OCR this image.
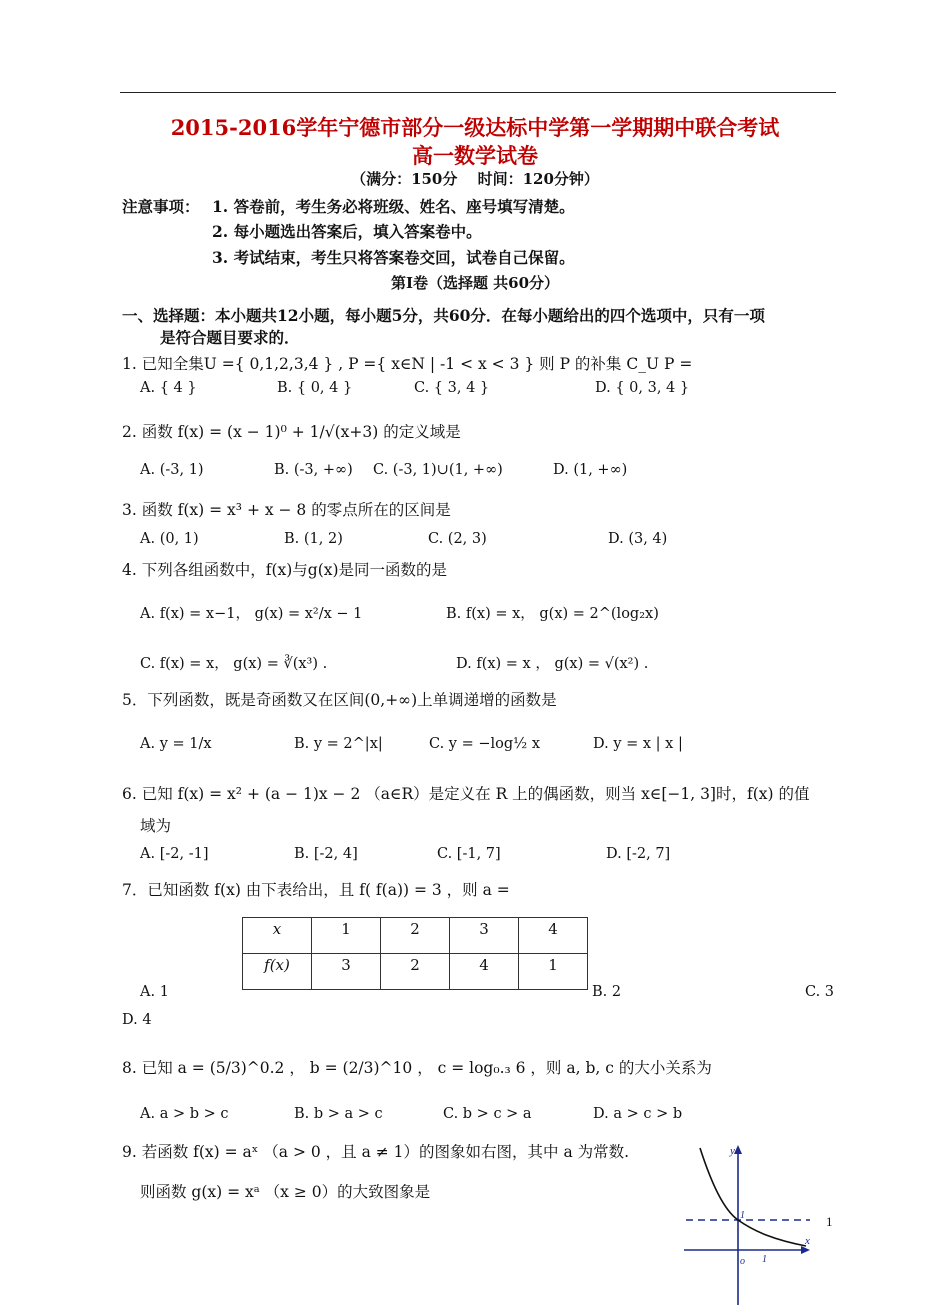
2015-2016学年宁德市部分一级达标中学第一学期期中联合考试
高一数学试卷
（满分：150分　 时间：120分钟）
注意事项： 1. 答卷前，考生务必将班级、姓名、座号填写清楚。
2. 每小题选出答案后，填入答案卷中。
3. 考试结束，考生只将答案卷交回，试卷自己保留。
第Ⅰ卷（选择题 共60分）
一、选择题：本小题共12小题，每小题5分，共60分．在每小题给出的四个选项中，只有一项
是符合题目要求的．
1. 已知全集U ={ 0,1,2,3,4 } , P ={ x∈N | -1 < x < 3 } 则 P 的补集 C_U P =
A. { 4 }	B. { 0, 4 }	C. { 3, 4 }	D. { 0, 3, 4 }
2. 函数 f(x) = (x − 1)⁰ + 1/√(x+3) 的定义域是
A. (-3, 1)	B. (-3, +∞) C. (-3, 1)∪(1, +∞)	D. (1, +∞)
3. 函数 f(x) = x³ + x − 8 的零点所在的区间是
A. (0, 1)	B. (1, 2)	C. (2, 3)	D. (3, 4)
4. 下列各组函数中，f(x)与g(x)是同一函数的是
A. f(x) = x−1， g(x) = x²/x − 1	B. f(x) = x， g(x) = 2^(log₂x)
C. f(x) = x， g(x) = ∛(x³) .	D. f(x) = x ， g(x) = √(x²) .
5．下列函数，既是奇函数又在区间(0,+∞)上单调递增的函数是
A. y = 1/x	B. y = 2^|x|	C. y = −log½ x	D. y = x | x |
6. 已知 f(x) = x² + (a − 1)x − 2 （a∈R）是定义在 R 上的偶函数，则当 x∈[−1, 3]时，f(x) 的值
域为
A. [-2, -1]	B. [-2, 4]	C. [-1, 7]	D. [-2, 7]
7．已知函数 f(x) 由下表给出，且 f( f(a)) = 3 ，则 a =
x	1	2	3	4
f(x)	3	2	4	1
A. 1	B. 2	C. 3
D. 4
8. 已知 a = (5/3)^0.2 ， b = (2/3)^10 ， c = log₀.₃ 6 ，则 a, b, c 的大小关系为
A. a > b > c	B. b > a > c	C. b > c > a	D. a > c > b
9. 若函数 f(x) = aˣ （a > 0 ，且 a ≠ 1）的图象如右图，其中 a 为常数.
则函数 g(x) = xᵃ （x ≥ 0）的大致图象是
y
x
o
1
1
1
